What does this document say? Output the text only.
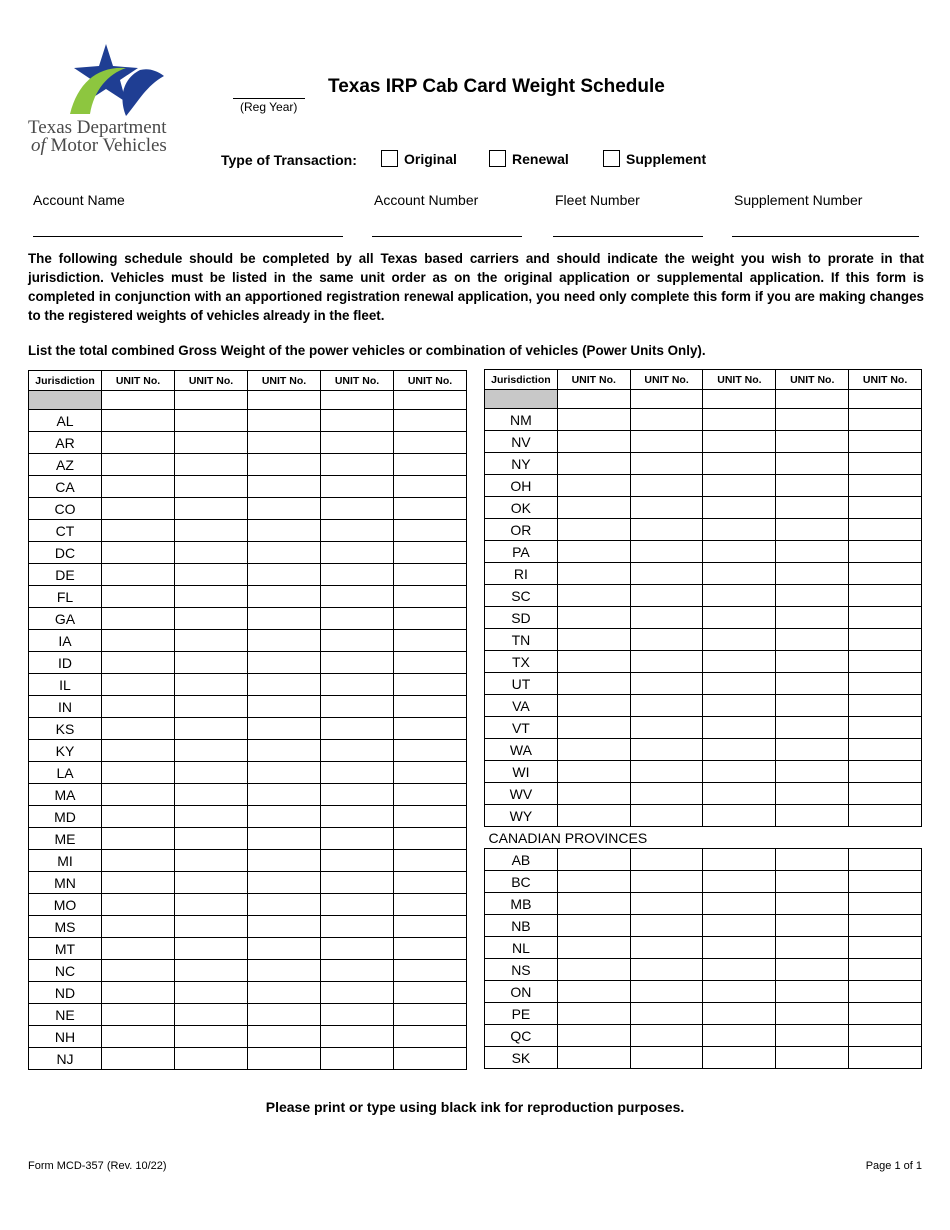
Texas Department
of Motor Vehicles
Texas IRP Cab Card Weight Schedule
(Reg Year)
Type of Transaction:	Original	Renewal	Supplement
Account Name	Account Number	Fleet Number	Supplement Number
The following schedule should be completed by all Texas based carriers and should indicate the weight you wish to prorate in that jurisdiction. Vehicles must be listed in the same unit order as on the original application or supplemental application. If this form is completed in conjunction with an apportioned registration renewal application, you need only complete this form if you are making changes to the registered weights of vehicles already in the fleet.
List the total combined Gross Weight of the power vehicles or combination of vehicles (Power Units Only).
Jurisdiction	UNIT No.	UNIT No.	UNIT No.	UNIT No.	UNIT No.

AL					
AR					
AZ					
CA					
CO					
CT					
DC					
DE					
FL					
GA					
IA					
ID					
IL					
IN					
KS					
KY					
LA					
MA					
MD					
ME					
MI					
MN					
MO					
MS					
MT					
NC					
ND					
NE					
NH					
NJ					
Jurisdiction	UNIT No.	UNIT No.	UNIT No.	UNIT No.	UNIT No.

NM					
NV					
NY					
OH					
OK					
OR					
PA					
RI					
SC					
SD					
TN					
TX					
UT					
VA					
VT					
WA					
WI					
WV					
WY					
CANADIAN PROVINCES					
AB					
BC					
MB					
NB					
NL					
NS					
ON					
PE					
QC					
SK					
Please print or type using black ink for reproduction purposes.
Form MCD-357 (Rev. 10/22)	Page 1 of 1
